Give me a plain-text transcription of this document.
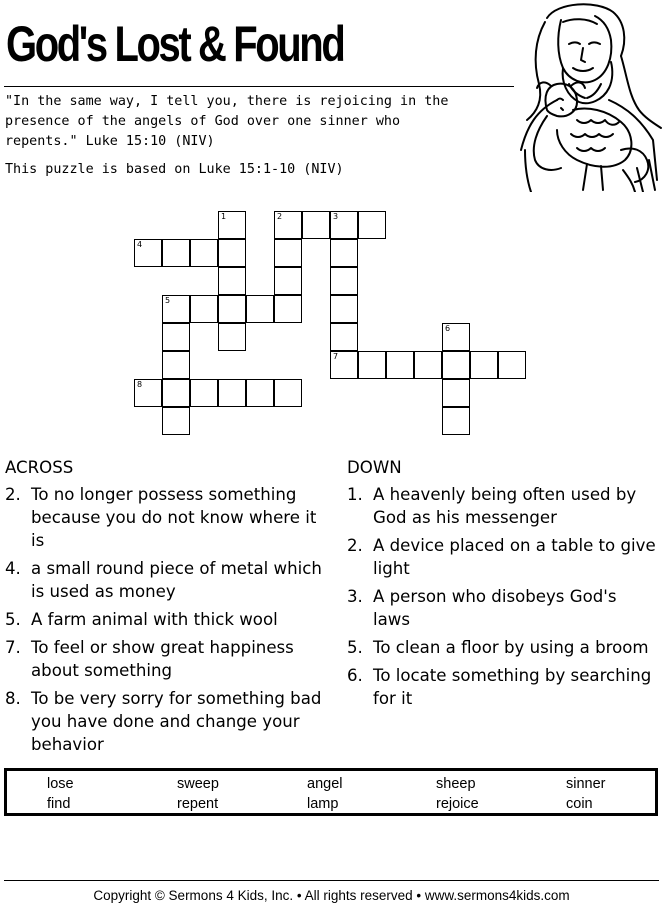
God's Lost & Found

"In the same way, I tell you, there is rejoicing in the presence of the angels of God over one sinner who repents." Luke 15:10 (NIV)

This puzzle is based on Luke 15:1-10 (NIV)

1	2	3
4
5
6
7
8
ACROSS
2. To no longer possess something because you do not know where it is
4. a small round piece of metal which is used as money
5. A farm animal with thick wool
7. To feel or show great happiness about something
8. To be very sorry for something bad you have done and change your behavior
DOWN
1. A heavenly being often used by God as his messenger
2. A device placed on a table to give light
3. A person who disobeys God's laws
5. To clean a floor by using a broom
6. To locate something by searching for it
lose	sweep	angel	sheep	sinner
find	repent	lamp	rejoice	coin
Copyright © Sermons 4 Kids, Inc. • All rights reserved • www.sermons4kids.com
